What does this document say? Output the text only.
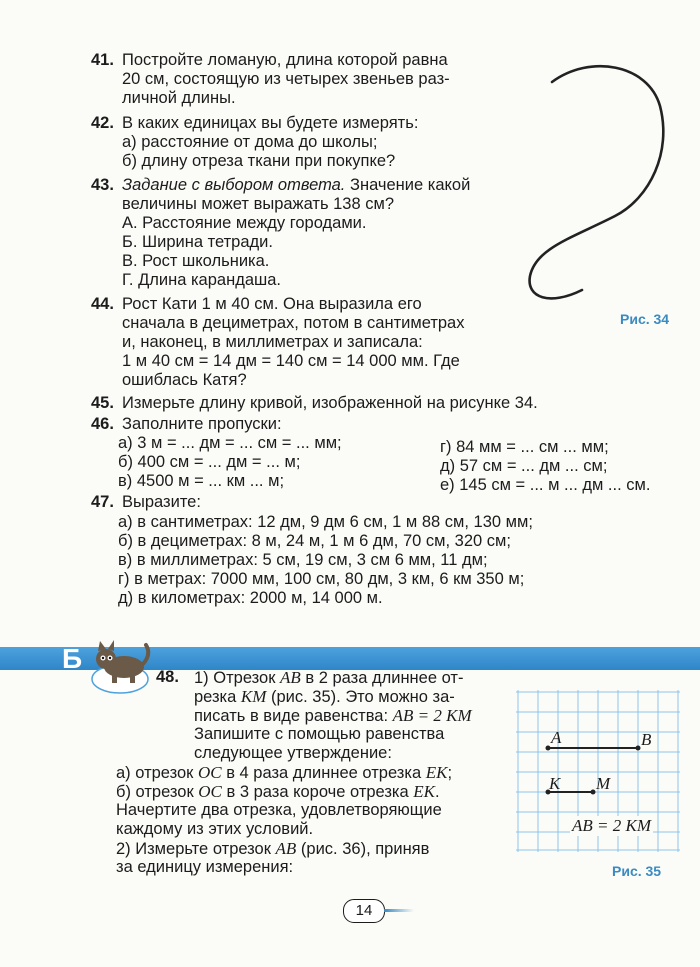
41. Постройте ломаную, длина которой равна
20 см, состоящую из четырех звеньев раз-
личной длины.
42. В каких единицах вы будете измерять:
а) расстояние от дома до школы;
б) длину отреза ткани при покупке?
43. Задание с выбором ответа. Значение какой
величины может выражать 138 см?
А. Расстояние между городами.
Б. Ширина тетради.
В. Рост школьника.
Г. Длина карандаша.
44. Рост Кати 1 м 40 см. Она выразила его
сначала в дециметрах, потом в сантиметрах
и, наконец, в миллиметрах и записала:
1 м 40 см = 14 дм = 140 см = 14 000 мм. Где
ошиблась Катя?
Рис. 34
45. Измерьте длину кривой, изображенной на рисунке 34.
46. Заполните пропуски:
а) 3 м = ... дм = ... см = ... мм;
б) 400 см = ... дм = ... м;
в) 4500 м = ... км ... м;
г) 84 мм = ... см ... мм;
д) 57 см = ... дм ... см;
е) 145 см = ... м ... дм ... см.
47. Выразите:
а) в сантиметрах: 12 дм, 9 дм 6 см, 1 м 88 см, 130 мм;
б) в дециметрах: 8 м, 24 м, 1 м 6 дм, 70 см, 320 см;
в) в миллиметрах: 5 см, 19 см, 3 см 6 мм, 11 дм;
г) в метрах: 7000 мм, 100 см, 80 дм, 3 км, 6 км 350 м;
д) в километрах: 2000 м, 14 000 м.
Б
48. 1) Отрезок AB в 2 раза длиннее от-
резка KM (рис. 35). Это можно за-
писать в виде равенства: AB = 2 KM
Запишите с помощью равенства
следующее утверждение:
а) отрезок OC в 4 раза длиннее отрезка EK;
б) отрезок OC в 3 раза короче отрезка EK.
Начертите два отрезка, удовлетворяющие
каждому из этих условий.
2) Измерьте отрезок AB (рис. 36), приняв
за единицу измерения:
A	B
K M
AB = 2 KM
Рис. 35
14
